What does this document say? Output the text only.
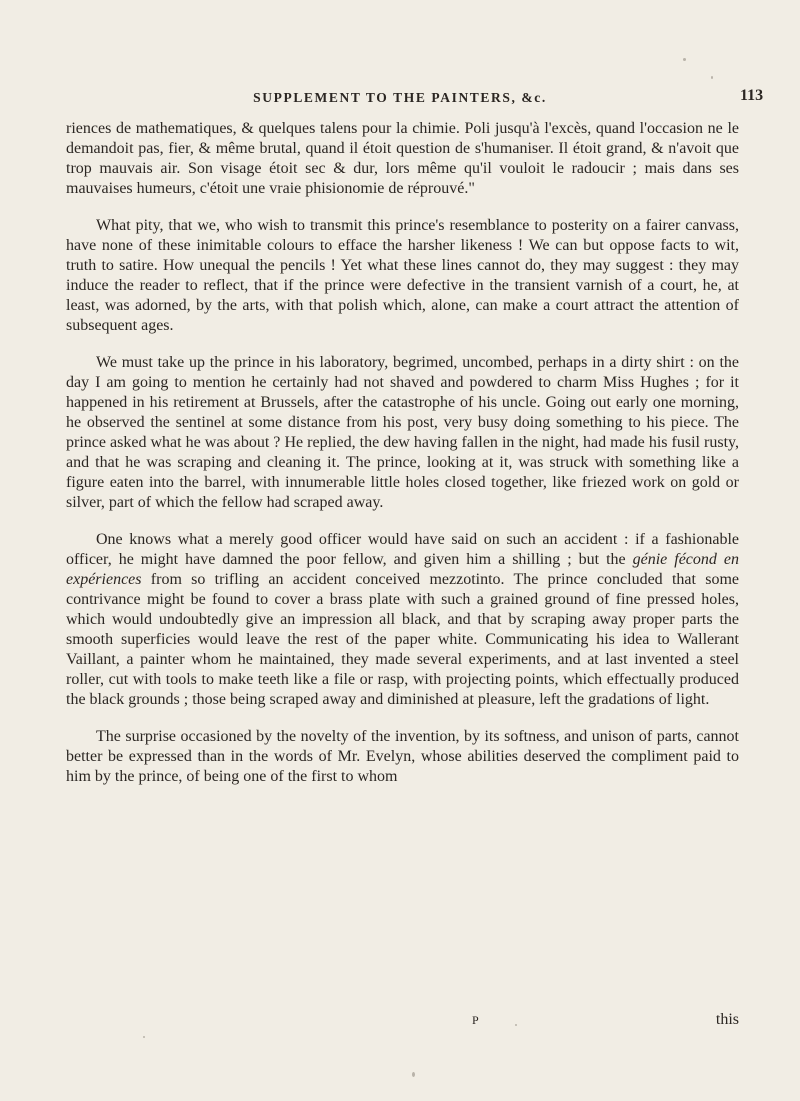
SUPPLEMENT TO THE PAINTERS, &c.	113

riences de mathematiques, & quelques talens pour la chimie. Poli jusqu'à l'excès, quand l'occasion ne le demandoit pas, fier, & même brutal, quand il étoit question de s'humaniser. Il étoit grand, & n'avoit que trop mauvais air. Son visage étoit sec & dur, lors même qu'il vouloit le radoucir ; mais dans ses mauvaises humeurs, c'étoit une vraie phisionomie de réprouvé."

What pity, that we, who wish to transmit this prince's resemblance to posterity on a fairer canvass, have none of these inimitable colours to efface the harsher likeness ! We can but oppose facts to wit, truth to satire. How unequal the pencils ! Yet what these lines cannot do, they may suggest : they may induce the reader to reflect, that if the prince were defective in the transient varnish of a court, he, at least, was adorned, by the arts, with that polish which, alone, can make a court attract the attention of subsequent ages.

We must take up the prince in his laboratory, begrimed, uncombed, perhaps in a dirty shirt : on the day I am going to mention he certainly had not shaved and powdered to charm Miss Hughes ; for it happened in his retirement at Brussels, after the catastrophe of his uncle. Going out early one morning, he observed the sentinel at some distance from his post, very busy doing something to his piece. The prince asked what he was about ? He replied, the dew having fallen in the night, had made his fusil rusty, and that he was scraping and cleaning it. The prince, looking at it, was struck with something like a figure eaten into the barrel, with innumerable little holes closed together, like friezed work on gold or silver, part of which the fellow had scraped away.

One knows what a merely good officer would have said on such an accident : if a fashionable officer, he might have damned the poor fellow, and given him a shilling ; but the génie fécond en expériences from so trifling an accident conceived mezzotinto. The prince concluded that some contrivance might be found to cover a brass plate with such a grained ground of fine pressed holes, which would undoubtedly give an impression all black, and that by scraping away proper parts the smooth superficies would leave the rest of the paper white. Communicating his idea to Wallerant Vaillant, a painter whom he maintained, they made several experiments, and at last invented a steel roller, cut with tools to make teeth like a file or rasp, with projecting points, which effectually produced the black grounds ; those being scraped away and diminished at pleasure, left the gradations of light.

The surprise occasioned by the novelty of the invention, by its softness, and unison of parts, cannot better be expressed than in the words of Mr. Evelyn, whose abilities deserved the compliment paid to him by the prince, of being one of the first to whom

P	this
